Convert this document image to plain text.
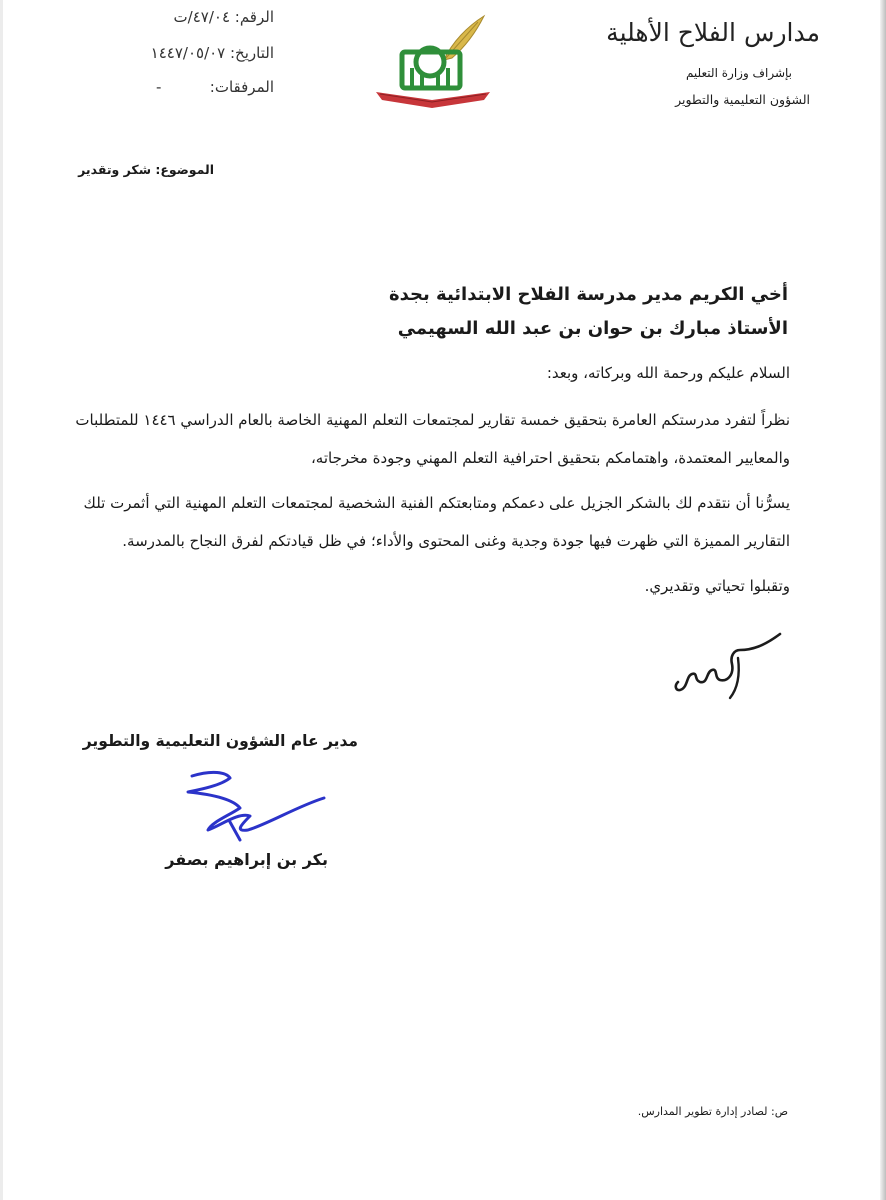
مدارس الفلاح الأهلية
بإشراف وزارة التعليم
الشؤون التعليمية والتطوير
الرقم: ٤٧/٠٤/ت
التاريخ: ١٤٤٧/٠٥/٠٧
المرفقات:
-
الموضوع: شكر وتقدير
أخي الكريم مدير مدرسة الفلاح الابتدائية بجدة
الأستاذ مبارك بن حوان بن عبد الله السهيمي
السلام عليكم ورحمة الله وبركاته، وبعد:
نظراً لتفرد مدرستكم العامرة بتحقيق خمسة تقارير لمجتمعات التعلم المهنية الخاصة بالعام الدراسي ١٤٤٦ للمتطلبات
والمعايير المعتمدة، واهتمامكم بتحقيق احترافية التعلم المهني وجودة مخرجاته،
يسرُّنا أن نتقدم لك بالشكر الجزيل على دعمكم ومتابعتكم الفنية الشخصية لمجتمعات التعلم المهنية التي أثمرت تلك
التقارير المميزة التي ظهرت فيها جودة وجدية وغنى المحتوى والأداء؛ في ظل قيادتكم لفرق النجاح بالمدرسة.
وتقبلوا تحياتي وتقديري.
مدير عام الشؤون التعليمية والتطوير
بكر بن إبراهيم بصفر
ص: لصادر إدارة تطوير المدارس.
